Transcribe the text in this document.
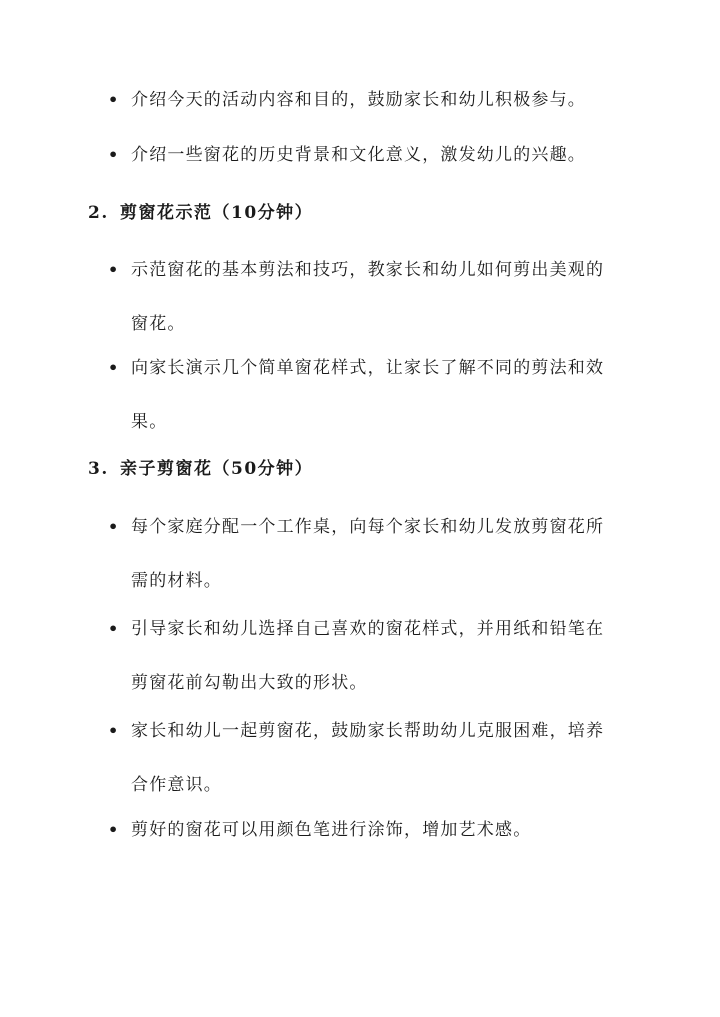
• 介绍今天的活动内容和目的，鼓励家长和幼儿积极参与。
• 介绍一些窗花的历史背景和文化意义，激发幼儿的兴趣。
2. 剪窗花示范（10分钟）
• 示范窗花的基本剪法和技巧，教家长和幼儿如何剪出美观的窗花。
• 向家长演示几个简单窗花样式，让家长了解不同的剪法和效果。
3. 亲子剪窗花（50分钟）
• 每个家庭分配一个工作桌，向每个家长和幼儿发放剪窗花所需的材料。
• 引导家长和幼儿选择自己喜欢的窗花样式，并用纸和铅笔在剪窗花前勾勒出大致的形状。
• 家长和幼儿一起剪窗花，鼓励家长帮助幼儿克服困难，培养合作意识。
• 剪好的窗花可以用颜色笔进行涂饰，增加艺术感。
